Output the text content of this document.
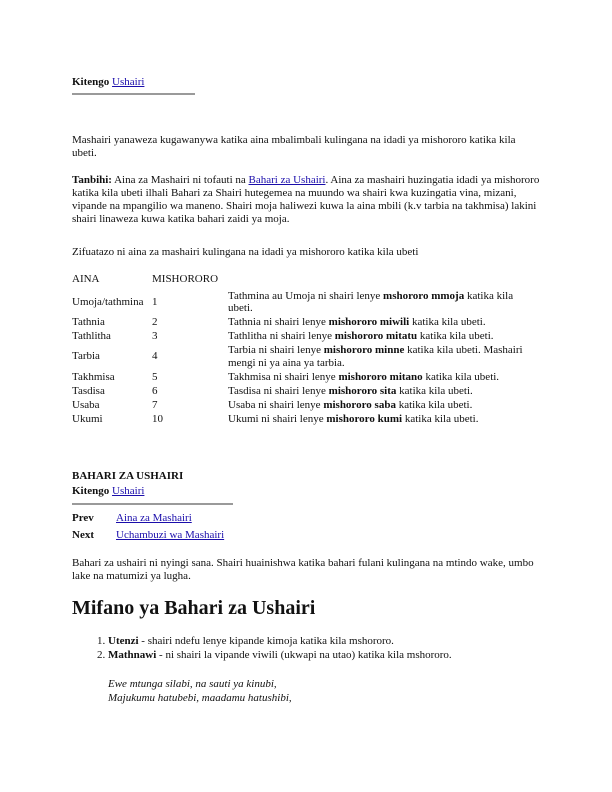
Kitengo Ushairi

Mashairi yanaweza kugawanywa katika aina mbalimbali kulingana na idadi ya mishororo katika kila ubeti.

Tanbihi: Aina za Mashairi ni tofauti na Bahari za Ushairi. Aina za mashairi huzingatia idadi ya mishororo katika kila ubeti ilhali Bahari za Shairi hutegemea na muundo wa shairi kwa kuzingatia vina, mizani, vipande na mpangilio wa maneno. Shairi moja haliwezi kuwa la aina mbili (k.v tarbia na takhmisa) lakini shairi linaweza kuwa katika bahari zaidi ya moja.

Zifuatazo ni aina za mashairi kulingana na idadi ya mishororo katika kila ubeti

AINA	MISHORORO	
Umoja/tathmina	1	Tathmina au Umoja ni shairi lenye mshororo mmoja katika kila ubeti.
Tathnia	2	Tathnia ni shairi lenye mishororo miwili katika kila ubeti.
Tathlitha	3	Tathlitha ni shairi lenye mishororo mitatu katika kila ubeti.
Tarbia	4	Tarbia ni shairi lenye mishororo minne katika kila ubeti. Mashairi mengi ni ya aina ya tarbia.
Takhmisa	5	Takhmisa ni shairi lenye mishororo mitano katika kila ubeti.
Tasdisa	6	Tasdisa ni shairi lenye mishororo sita katika kila ubeti.
Usaba	7	Usaba ni shairi lenye mishororo saba katika kila ubeti.
Ukumi	10	Ukumi ni shairi lenye mishororo kumi katika kila ubeti.
BAHARI ZA USHAIRI
Kitengo Ushairi
Prev Aina za Mashairi
Next Uchambuzi wa Mashairi

Bahari za ushairi ni nyingi sana. Shairi huainishwa katika bahari fulani kulingana na mtindo wake, umbo lake na matumizi ya lugha.

Mifano ya Bahari za Ushairi
1. Utenzi - shairi ndefu lenye kipande kimoja katika kila mshororo.
2. Mathnawi - ni shairi la vipande viwili (ukwapi na utao) katika kila mshororo.
Ewe mtunga silabi, na sauti ya kinubi,
Majukumu hatubebi, maadamu hatushibi,
